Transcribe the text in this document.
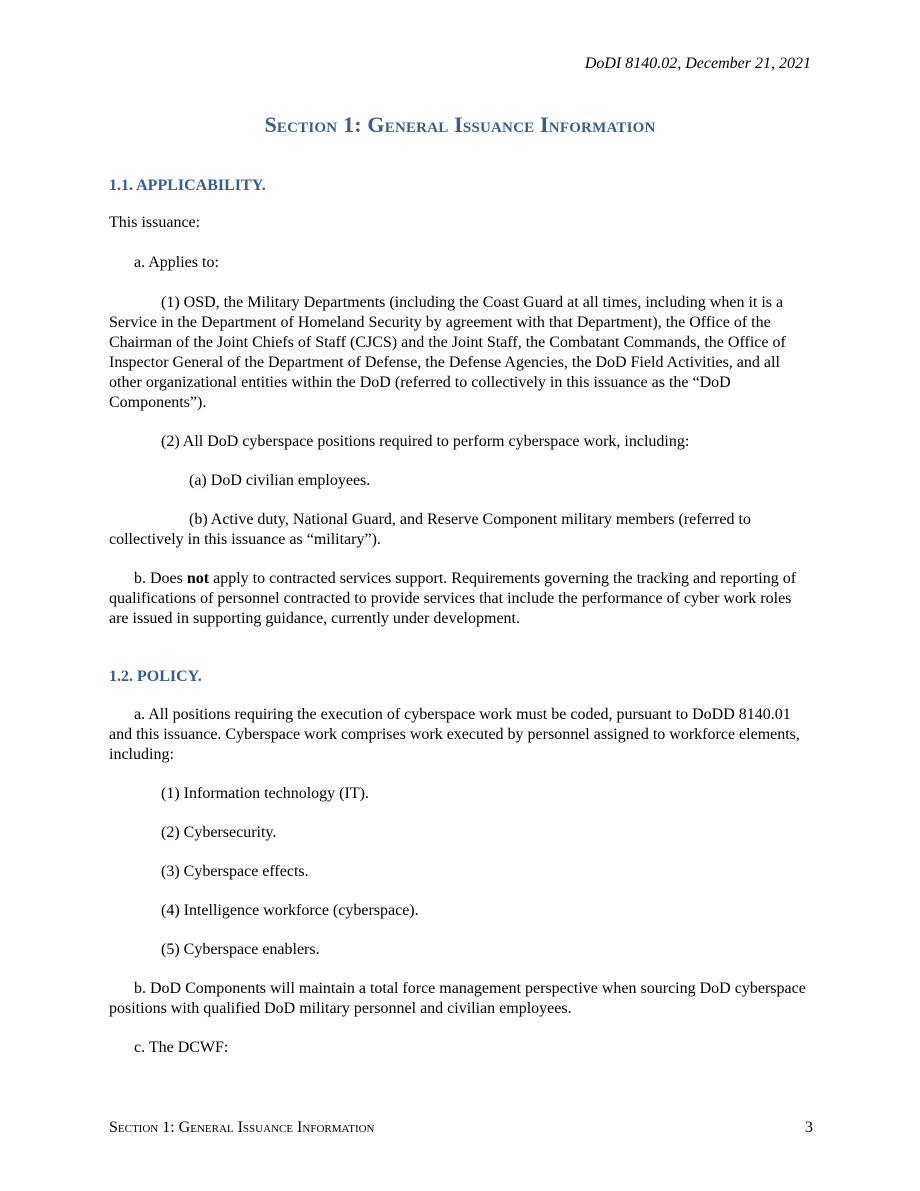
DoDI 8140.02, December 21, 2021
Section 1: General Issuance Information

1.1. APPLICABILITY.

This issuance:

a. Applies to:

(1) OSD, the Military Departments (including the Coast Guard at all times, including when it is a Service in the Department of Homeland Security by agreement with that Department), the Office of the Chairman of the Joint Chiefs of Staff (CJCS) and the Joint Staff, the Combatant Commands, the Office of Inspector General of the Department of Defense, the Defense Agencies, the DoD Field Activities, and all other organizational entities within the DoD (referred to collectively in this issuance as the “DoD Components”).

(2) All DoD cyberspace positions required to perform cyberspace work, including:

(a) DoD civilian employees.

(b) Active duty, National Guard, and Reserve Component military members (referred to collectively in this issuance as “military”).

b. Does not apply to contracted services support. Requirements governing the tracking and reporting of qualifications of personnel contracted to provide services that include the performance of cyber work roles are issued in supporting guidance, currently under development.

1.2. POLICY.

a. All positions requiring the execution of cyberspace work must be coded, pursuant to DoDD 8140.01 and this issuance. Cyberspace work comprises work executed by personnel assigned to workforce elements, including:

(1) Information technology (IT).

(2) Cybersecurity.

(3) Cyberspace effects.

(4) Intelligence workforce (cyberspace).

(5) Cyberspace enablers.

b. DoD Components will maintain a total force management perspective when sourcing DoD cyberspace positions with qualified DoD military personnel and civilian employees.

c. The DCWF:

Section 1: General Issuance Information	3
